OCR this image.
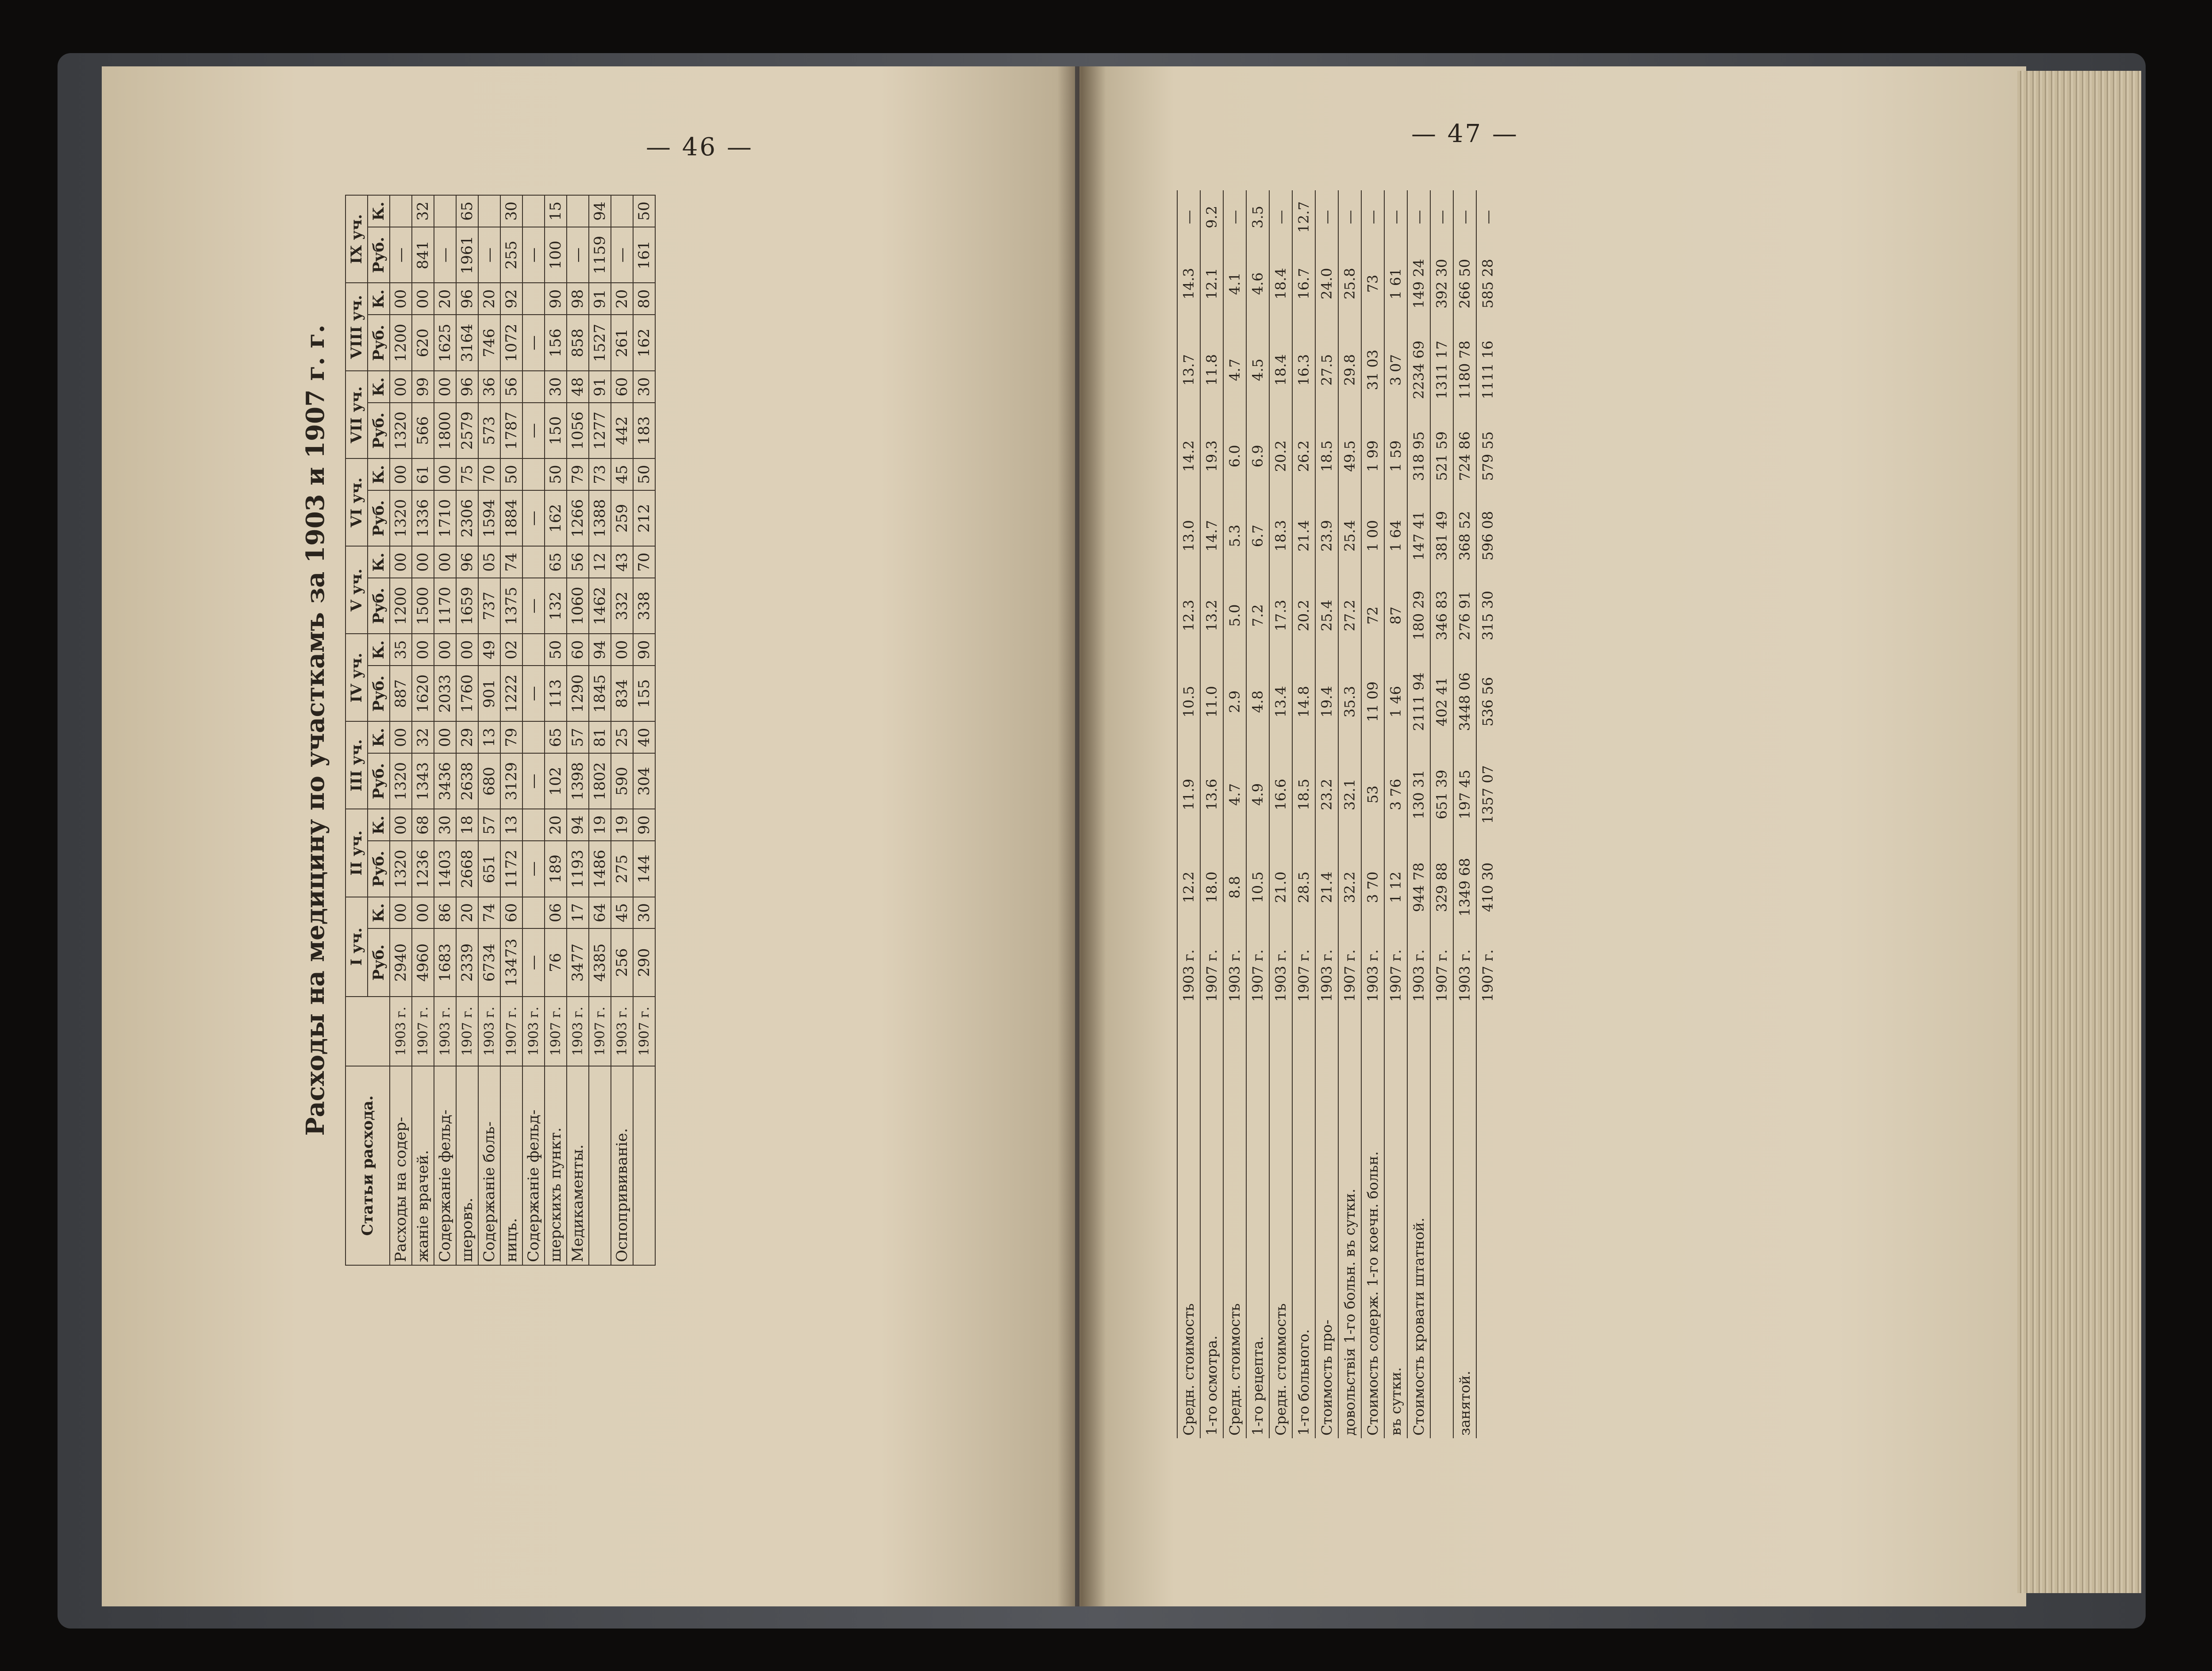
— 46 —	— 47 —
Расходы на медицину по участкамъ за 1903 и 1907 г. г.
Статьи расхода.		I уч.		II уч.		III уч.		IV уч.		V уч.		VI уч.		VII уч.		VIII уч.		IX уч.	
		Руб.	К.	Руб.	К.	Руб.	К.	Руб.	К.	Руб.	К.	Руб.	К.	Руб.	К.	Руб.	К.	Руб.	К.
Расходы на содер-	1903 г.	2940	00	1320	00	1320	00	887	35	1200	00	1320	00	1320	00	1200	00	—	
жаніе врачей.	1907 г.	4960	00	1236	68	1343	32	1620	00	1500	00	1336	61	566	99	620	00	841	32
Содержаніе фельд-	1903 г.	1683	86	1403	30	3436	00	2033	00	1170	00	1710	00	1800	00	1625	20	—	
шеровъ.	1907 г.	2339	20	2668	18	2638	29	1760	00	1659	96	2306	75	2579	96	3164	96	1961	65
Содержаніе боль-	1903 г.	6734	74	651	57	680	13	901	49	737	05	1594	70	573	36	746	20	—	
ницъ.	1907 г.	13473	60	1172	13	3129	79	1222	02	1375	74	1884	50	1787	56	1072	92	255	30
Содержаніе фельд-	1903 г.	—		—		—		—		—		—		—		—		—	
шерскихъ пункт.	1907 г.	76	06	189	20	102	65	113	50	132	65	162	50	150	30	156	90	100	15
Медикаменты.	1903 г.	3477	17	1193	94	1398	57	1290	60	1060	56	1266	79	1056	48	858	98	—	
	1907 г.	4385	64	1486	19	1802	81	1845	94	1462	12	1388	73	1277	91	1527	91	1159	94
Оспопрививаніе.	1903 г.	256	45	275	19	590	25	834	00	332	43	259	45	442	60	261	20	—	
	1907 г.	290	30	144	90	304	40	155	90	338	70	212	50	183	30	162	80	161	50
Средн. стоимость	1903 г.	12.2	11.9	10.5	12.3	13.0	14.2	13.7	14.3	—
1-го осмотра.	1907 г.	18.0	13.6	11.0	13.2	14.7	19.3	11.8	12.1	9.2
Средн. стоимость	1903 г.	8.8	4.7	2.9	5.0	5.3	6.0	4.7	4.1	—
1-го рецепта.	1907 г.	10.5	4.9	4.8	7.2	6.7	6.9	4.5	4.6	3.5
Средн. стоимость	1903 г.	21.0	16.6	13.4	17.3	18.3	20.2	18.4	18.4	—
1-го больного.	1907 г.	28.5	18.5	14.8	20.2	21.4	26.2	16.3	16.7	12.7
Стоимость про-	1903 г.	21.4	23.2	19.4	25.4	23.9	18.5	27.5	24.0	—
довольствія 1-го больн. въ сутки.	1907 г.	32.2	32.1	35.3	27.2	25.4	49.5	29.8	25.8	—
Стоимость содерж. 1-го коечн. больн.	1903 г.	3 70	53	11 09	72	1 00	1 99	31 03	73	—
въ сутки.	1907 г.	1 12	3 76	1 46	87	1 64	1 59	3 07	1 61	—
Стоимость кровати штатной.	1903 г.	944 78	130 31	2111 94	180 29	147 41	318 95	2234 69	149 24	—
	1907 г.	329 88	651 39	402 41	346 83	381 49	521 59	1311 17	392 30	—
занятой.	1903 г.	1349 68	197 45	3448 06	276 91	368 52	724 86	1180 78	266 50	—
	1907 г.	410 30	1357 07	536 56	315 30	596 08	579 55	1111 16	585 28	—
